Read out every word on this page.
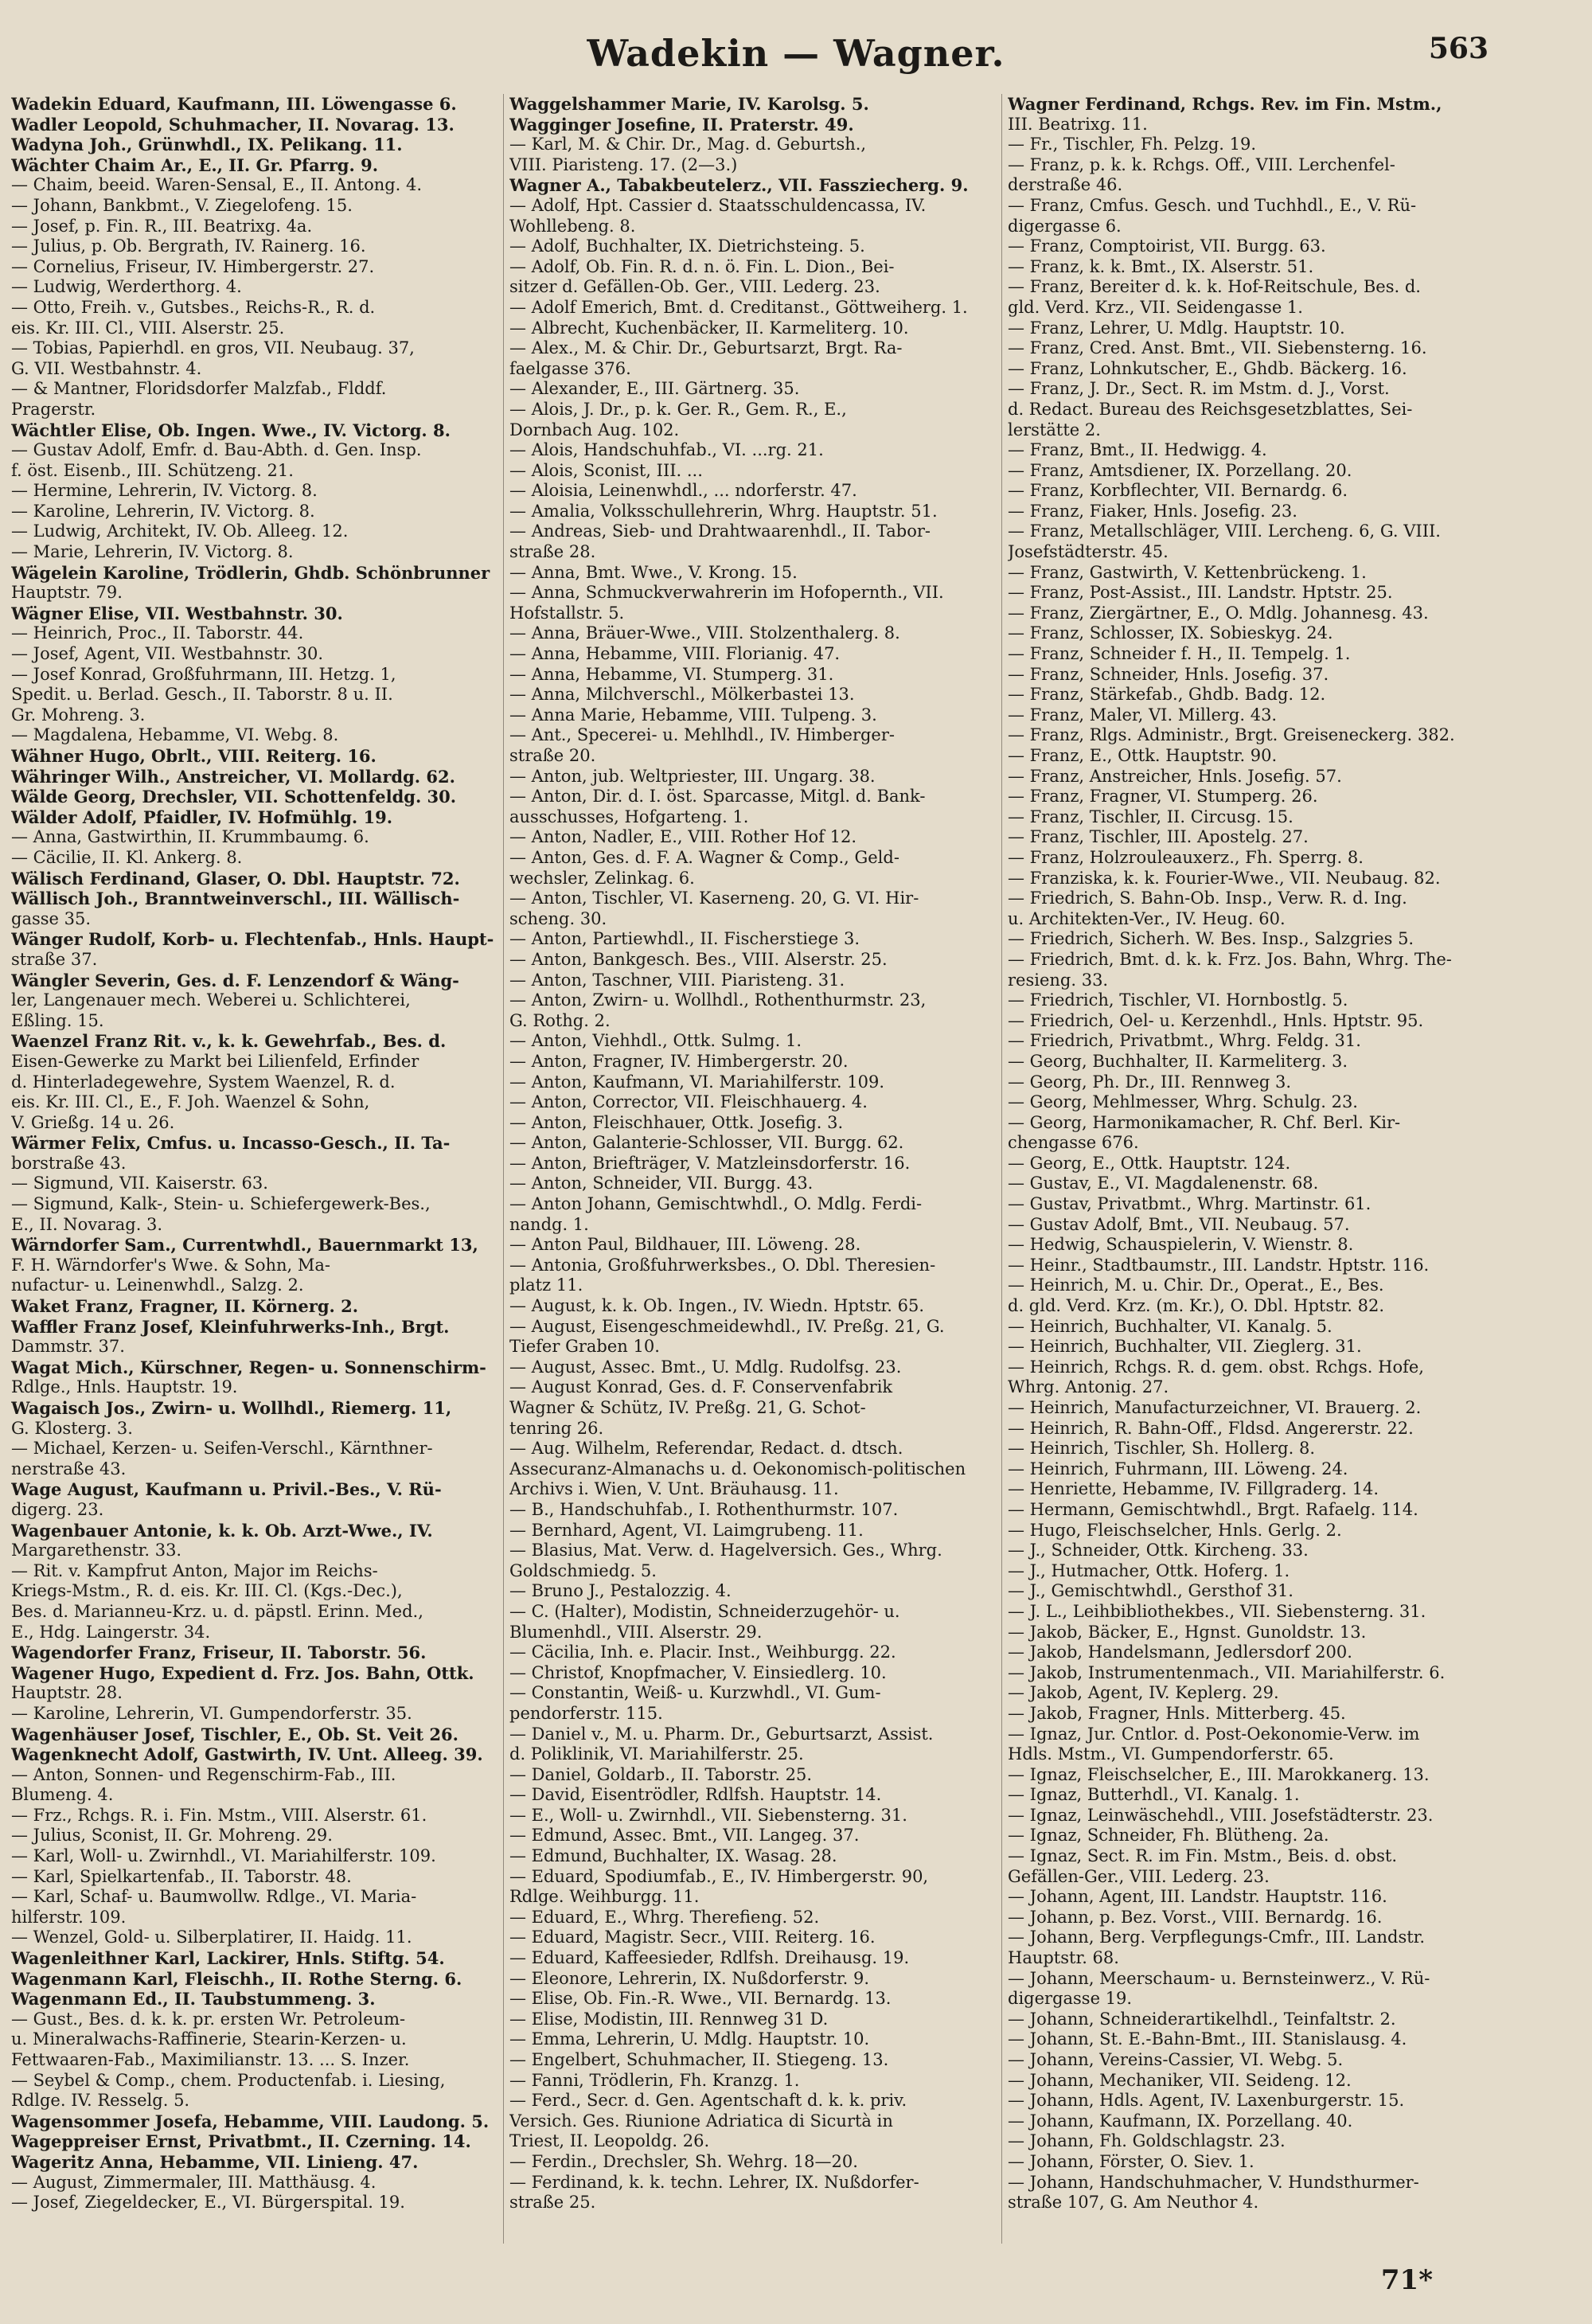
Wadekin — Wagner.	563
Wadekin Eduard, Kaufmann, III. Löwengasse 6.
Wadler Leopold, Schuhmacher, II. Novarag. 13.
Wadyna Joh., Grünwhdl., IX. Pelikang. 11.
Wächter Chaim Ar., E., II. Gr. Pfarrg. 9.
— Chaim, beeid. Waren-Sensal, E., II. Antong. 4.
— Johann, Bankbmt., V. Ziegelofeng. 15.
— Josef, p. Fin. R., III. Beatrixg. 4a.
— Julius, p. Ob. Bergrath, IV. Rainerg. 16.
— Cornelius, Friseur, IV. Himbergerstr. 27.
— Ludwig, Werderthorg. 4.
— Otto, Freih. v., Gutsbes., Reichs-R., R. d.
eis. Kr. III. Cl., VIII. Alserstr. 25.
— Tobias, Papierhdl. en gros, VII. Neubaug. 37,
G. VII. Westbahnstr. 4.
— & Mantner, Floridsdorfer Malzfab., Flddf.
Pragerstr.
Wächtler Elise, Ob. Ingen. Wwe., IV. Victorg. 8.
— Gustav Adolf, Emfr. d. Bau-Abth. d. Gen. Insp.
f. öst. Eisenb., III. Schützeng. 21.
— Hermine, Lehrerin, IV. Victorg. 8.
— Karoline, Lehrerin, IV. Victorg. 8.
— Ludwig, Architekt, IV. Ob. Alleeg. 12.
— Marie, Lehrerin, IV. Victorg. 8.
Wägelein Karoline, Trödlerin, Ghdb. Schönbrunner
Hauptstr. 79.
Wägner Elise, VII. Westbahnstr. 30.
— Heinrich, Proc., II. Taborstr. 44.
— Josef, Agent, VII. Westbahnstr. 30.
— Josef Konrad, Großfuhrmann, III. Hetzg. 1,
Spedit. u. Berlad. Gesch., II. Taborstr. 8 u. II.
Gr. Mohreng. 3.
— Magdalena, Hebamme, VI. Webg. 8.
Wähner Hugo, Obrlt., VIII. Reiterg. 16.
Währinger Wilh., Anstreicher, VI. Mollardg. 62.
Wälde Georg, Drechsler, VII. Schottenfeldg. 30.
Wälder Adolf, Pfaidler, IV. Hofmühlg. 19.
— Anna, Gastwirthin, II. Krummbaumg. 6.
— Cäcilie, II. Kl. Ankerg. 8.
Wälisch Ferdinand, Glaser, O. Dbl. Hauptstr. 72.
Wällisch Joh., Branntweinverschl., III. Wällisch-
gasse 35.
Wänger Rudolf, Korb- u. Flechtenfab., Hnls. Haupt-
straße 37.
Wängler Severin, Ges. d. F. Lenzendorf & Wäng-
ler, Langenauer mech. Weberei u. Schlichterei,
Eßling. 15.
Waenzel Franz Rit. v., k. k. Gewehrfab., Bes. d.
Eisen-Gewerke zu Markt bei Lilienfeld, Erfinder
d. Hinterladegewehre, System Waenzel, R. d.
eis. Kr. III. Cl., E., F. Joh. Waenzel & Sohn,
V. Grießg. 14 u. 26.
Wärmer Felix, Cmfus. u. Incasso-Gesch., II. Ta-
borstraße 43.
— Sigmund, VII. Kaiserstr. 63.
— Sigmund, Kalk-, Stein- u. Schiefergewerk-Bes.,
E., II. Novarag. 3.
Wärndorfer Sam., Currentwhdl., Bauernmarkt 13,
F. H. Wärndorfer's Wwe. & Sohn, Ma-
nufactur- u. Leinenwhdl., Salzg. 2.
Waket Franz, Fragner, II. Körnerg. 2.
Waffler Franz Josef, Kleinfuhrwerks-Inh., Brgt.
Dammstr. 37.
Wagat Mich., Kürschner, Regen- u. Sonnenschirm-
Rdlge., Hnls. Hauptstr. 19.
Wagaisch Jos., Zwirn- u. Wollhdl., Riemerg. 11,
G. Klosterg. 3.
— Michael, Kerzen- u. Seifen-Verschl., Kärnthner-
nerstraße 43.
Wage August, Kaufmann u. Privil.-Bes., V. Rü-
digerg. 23.
Wagenbauer Antonie, k. k. Ob. Arzt-Wwe., IV.
Margarethenstr. 33.
— Rit. v. Kampfrut Anton, Major im Reichs-
Kriegs-Mstm., R. d. eis. Kr. III. Cl. (Kgs.-Dec.),
Bes. d. Marianneu-Krz. u. d. päpstl. Erinn. Med.,
E., Hdg. Laingerstr. 34.
Wagendorfer Franz, Friseur, II. Taborstr. 56.
Wagener Hugo, Expedient d. Frz. Jos. Bahn, Ottk.
Hauptstr. 28.
— Karoline, Lehrerin, VI. Gumpendorferstr. 35.
Wagenhäuser Josef, Tischler, E., Ob. St. Veit 26.
Wagenknecht Adolf, Gastwirth, IV. Unt. Alleeg. 39.
— Anton, Sonnen- und Regenschirm-Fab., III.
Blumeng. 4.
— Frz., Rchgs. R. i. Fin. Mstm., VIII. Alserstr. 61.
— Julius, Sconist, II. Gr. Mohreng. 29.
— Karl, Woll- u. Zwirnhdl., VI. Mariahilferstr. 109.
— Karl, Spielkartenfab., II. Taborstr. 48.
— Karl, Schaf- u. Baumwollw. Rdlge., VI. Maria-
hilferstr. 109.
— Wenzel, Gold- u. Silberplatirer, II. Haidg. 11.
Wagenleithner Karl, Lackirer, Hnls. Stiftg. 54.
Wagenmann Karl, Fleischh., II. Rothe Sterng. 6.
Wagenmann Ed., II. Taubstummeng. 3.
— Gust., Bes. d. k. k. pr. ersten Wr. Petroleum-
u. Mineralwachs-Raffinerie, Stearin-Kerzen- u.
Fettwaaren-Fab., Maximilianstr. 13. ... S. Inzer.
— Seybel & Comp., chem. Productenfab. i. Liesing,
Rdlge. IV. Resselg. 5.
Wagensommer Josefa, Hebamme, VIII. Laudong. 5.
Wageppreiser Ernst, Privatbmt., II. Czerning. 14.
Wageritz Anna, Hebamme, VII. Linieng. 47.
— August, Zimmermaler, III. Matthäusg. 4.
— Josef, Ziegeldecker, E., VI. Bürgerspital. 19.
Waggelshammer Marie, IV. Karolsg. 5.
Wagginger Josefine, II. Praterstr. 49.
— Karl, M. & Chir. Dr., Mag. d. Geburtsh.,
VIII. Piaristeng. 17. (2—3.)
Wagner A., Tabakbeutelerz., VII. Fassziecherg. 9.
— Adolf, Hpt. Cassier d. Staatsschuldencassa, IV.
Wohllebeng. 8.
— Adolf, Buchhalter, IX. Dietrichsteing. 5.
— Adolf, Ob. Fin. R. d. n. ö. Fin. L. Dion., Bei-
sitzer d. Gefällen-Ob. Ger., VIII. Lederg. 23.
— Adolf Emerich, Bmt. d. Creditanst., Göttweiherg. 1.
— Albrecht, Kuchenbäcker, II. Karmeliterg. 10.
— Alex., M. & Chir. Dr., Geburtsarzt, Brgt. Ra-
faelgasse 376.
— Alexander, E., III. Gärtnerg. 35.
— Alois, J. Dr., p. k. Ger. R., Gem. R., E.,
Dornbach Aug. 102.
— Alois, Handschuhfab., VI. ...rg. 21.
— Alois, Sconist, III. ...
— Aloisia, Leinenwhdl., ... ndorferstr. 47.
— Amalia, Volksschullehrerin, Whrg. Hauptstr. 51.
— Andreas, Sieb- und Drahtwaarenhdl., II. Tabor-
straße 28.
— Anna, Bmt. Wwe., V. Krong. 15.
— Anna, Schmuckverwahrerin im Hofopernth., VII.
Hofstallstr. 5.
— Anna, Bräuer-Wwe., VIII. Stolzenthalerg. 8.
— Anna, Hebamme, VIII. Florianig. 47.
— Anna, Hebamme, VI. Stumperg. 31.
— Anna, Milchverschl., Mölkerbastei 13.
— Anna Marie, Hebamme, VIII. Tulpeng. 3.
— Ant., Specerei- u. Mehlhdl., IV. Himberger-
straße 20.
— Anton, jub. Weltpriester, III. Ungarg. 38.
— Anton, Dir. d. I. öst. Sparcasse, Mitgl. d. Bank-
ausschusses, Hofgarteng. 1.
— Anton, Nadler, E., VIII. Rother Hof 12.
— Anton, Ges. d. F. A. Wagner & Comp., Geld-
wechsler, Zelinkag. 6.
— Anton, Tischler, VI. Kaserneng. 20, G. VI. Hir-
scheng. 30.
— Anton, Partiewhdl., II. Fischerstiege 3.
— Anton, Bankgesch. Bes., VIII. Alserstr. 25.
— Anton, Taschner, VIII. Piaristeng. 31.
— Anton, Zwirn- u. Wollhdl., Rothenthurmstr. 23,
G. Rothg. 2.
— Anton, Viehhdl., Ottk. Sulmg. 1.
— Anton, Fragner, IV. Himbergerstr. 20.
— Anton, Kaufmann, VI. Mariahilferstr. 109.
— Anton, Corrector, VII. Fleischhauerg. 4.
— Anton, Fleischhauer, Ottk. Josefig. 3.
— Anton, Galanterie-Schlosser, VII. Burgg. 62.
— Anton, Briefträger, V. Matzleinsdorferstr. 16.
— Anton, Schneider, VII. Burgg. 43.
— Anton Johann, Gemischtwhdl., O. Mdlg. Ferdi-
nandg. 1.
— Anton Paul, Bildhauer, III. Löweng. 28.
— Antonia, Großfuhrwerksbes., O. Dbl. Theresien-
platz 11.
— August, k. k. Ob. Ingen., IV. Wiedn. Hptstr. 65.
— August, Eisengeschmeidewhdl., IV. Preßg. 21, G.
Tiefer Graben 10.
— August, Assec. Bmt., U. Mdlg. Rudolfsg. 23.
— August Konrad, Ges. d. F. Conservenfabrik
Wagner & Schütz, IV. Preßg. 21, G. Schot-
tenring 26.
— Aug. Wilhelm, Referendar, Redact. d. dtsch.
Assecuranz-Almanachs u. d. Oekonomisch-politischen
Archivs i. Wien, V. Unt. Bräuhausg. 11.
— B., Handschuhfab., I. Rothenthurmstr. 107.
— Bernhard, Agent, VI. Laimgrubeng. 11.
— Blasius, Mat. Verw. d. Hagelversich. Ges., Whrg.
Goldschmiedg. 5.
— Bruno J., Pestalozzig. 4.
— C. (Halter), Modistin, Schneiderzugehör- u.
Blumenhdl., VIII. Alserstr. 29.
— Cäcilia, Inh. e. Placir. Inst., Weihburgg. 22.
— Christof, Knopfmacher, V. Einsiedlerg. 10.
— Constantin, Weiß- u. Kurzwhdl., VI. Gum-
pendorferstr. 115.
— Daniel v., M. u. Pharm. Dr., Geburtsarzt, Assist.
d. Poliklinik, VI. Mariahilferstr. 25.
— Daniel, Goldarb., II. Taborstr. 25.
— David, Eisentrödler, Rdlfsh. Hauptstr. 14.
— E., Woll- u. Zwirnhdl., VII. Siebensterng. 31.
— Edmund, Assec. Bmt., VII. Langeg. 37.
— Edmund, Buchhalter, IX. Wasag. 28.
— Eduard, Spodiumfab., E., IV. Himbergerstr. 90,
Rdlge. Weihburgg. 11.
— Eduard, E., Whrg. Therefieng. 52.
— Eduard, Magistr. Secr., VIII. Reiterg. 16.
— Eduard, Kaffeesieder, Rdlfsh. Dreihausg. 19.
— Eleonore, Lehrerin, IX. Nußdorferstr. 9.
— Elise, Ob. Fin.-R. Wwe., VII. Bernardg. 13.
— Elise, Modistin, III. Rennweg 31 D.
— Emma, Lehrerin, U. Mdlg. Hauptstr. 10.
— Engelbert, Schuhmacher, II. Stiegeng. 13.
— Fanni, Trödlerin, Fh. Kranzg. 1.
— Ferd., Secr. d. Gen. Agentschaft d. k. k. priv.
Versich. Ges. Riunione Adriatica di Sicurtà in
Triest, II. Leopoldg. 26.
— Ferdin., Drechsler, Sh. Wehrg. 18—20.
— Ferdinand, k. k. techn. Lehrer, IX. Nußdorfer-
straße 25.
Wagner Ferdinand, Rchgs. Rev. im Fin. Mstm.,
III. Beatrixg. 11.
— Fr., Tischler, Fh. Pelzg. 19.
— Franz, p. k. k. Rchgs. Off., VIII. Lerchenfel-
derstraße 46.
— Franz, Cmfus. Gesch. und Tuchhdl., E., V. Rü-
digergasse 6.
— Franz, Comptoirist, VII. Burgg. 63.
— Franz, k. k. Bmt., IX. Alserstr. 51.
— Franz, Bereiter d. k. k. Hof-Reitschule, Bes. d.
gld. Verd. Krz., VII. Seidengasse 1.
— Franz, Lehrer, U. Mdlg. Hauptstr. 10.
— Franz, Cred. Anst. Bmt., VII. Siebensterng. 16.
— Franz, Lohnkutscher, E., Ghdb. Bäckerg. 16.
— Franz, J. Dr., Sect. R. im Mstm. d. J., Vorst.
d. Redact. Bureau des Reichsgesetzblattes, Sei-
lerstätte 2.
— Franz, Bmt., II. Hedwigg. 4.
— Franz, Amtsdiener, IX. Porzellang. 20.
— Franz, Korbflechter, VII. Bernardg. 6.
— Franz, Fiaker, Hnls. Josefig. 23.
— Franz, Metallschläger, VIII. Lercheng. 6, G. VIII.
Josefstädterstr. 45.
— Franz, Gastwirth, V. Kettenbrückeng. 1.
— Franz, Post-Assist., III. Landstr. Hptstr. 25.
— Franz, Ziergärtner, E., O. Mdlg. Johannesg. 43.
— Franz, Schlosser, IX. Sobieskyg. 24.
— Franz, Schneider f. H., II. Tempelg. 1.
— Franz, Schneider, Hnls. Josefig. 37.
— Franz, Stärkefab., Ghdb. Badg. 12.
— Franz, Maler, VI. Millerg. 43.
— Franz, Rlgs. Administr., Brgt. Greiseneckerg. 382.
— Franz, E., Ottk. Hauptstr. 90.
— Franz, Anstreicher, Hnls. Josefig. 57.
— Franz, Fragner, VI. Stumperg. 26.
— Franz, Tischler, II. Circusg. 15.
— Franz, Tischler, III. Apostelg. 27.
— Franz, Holzrouleauxerz., Fh. Sperrg. 8.
— Franziska, k. k. Fourier-Wwe., VII. Neubaug. 82.
— Friedrich, S. Bahn-Ob. Insp., Verw. R. d. Ing.
u. Architekten-Ver., IV. Heug. 60.
— Friedrich, Sicherh. W. Bes. Insp., Salzgries 5.
— Friedrich, Bmt. d. k. k. Frz. Jos. Bahn, Whrg. The-
resieng. 33.
— Friedrich, Tischler, VI. Hornbostlg. 5.
— Friedrich, Oel- u. Kerzenhdl., Hnls. Hptstr. 95.
— Friedrich, Privatbmt., Whrg. Feldg. 31.
— Georg, Buchhalter, II. Karmeliterg. 3.
— Georg, Ph. Dr., III. Rennweg 3.
— Georg, Mehlmesser, Whrg. Schulg. 23.
— Georg, Harmonikamacher, R. Chf. Berl. Kir-
chengasse 676.
— Georg, E., Ottk. Hauptstr. 124.
— Gustav, E., VI. Magdalenenstr. 68.
— Gustav, Privatbmt., Whrg. Martinstr. 61.
— Gustav Adolf, Bmt., VII. Neubaug. 57.
— Hedwig, Schauspielerin, V. Wienstr. 8.
— Heinr., Stadtbaumstr., III. Landstr. Hptstr. 116.
— Heinrich, M. u. Chir. Dr., Operat., E., Bes.
d. gld. Verd. Krz. (m. Kr.), O. Dbl. Hptstr. 82.
— Heinrich, Buchhalter, VI. Kanalg. 5.
— Heinrich, Buchhalter, VII. Zieglerg. 31.
— Heinrich, Rchgs. R. d. gem. obst. Rchgs. Hofe,
Whrg. Antonig. 27.
— Heinrich, Manufacturzeichner, VI. Brauerg. 2.
— Heinrich, R. Bahn-Off., Fldsd. Angererstr. 22.
— Heinrich, Tischler, Sh. Hollerg. 8.
— Heinrich, Fuhrmann, III. Löweng. 24.
— Henriette, Hebamme, IV. Fillgraderg. 14.
— Hermann, Gemischtwhdl., Brgt. Rafaelg. 114.
— Hugo, Fleischselcher, Hnls. Gerlg. 2.
— J., Schneider, Ottk. Kircheng. 33.
— J., Hutmacher, Ottk. Hoferg. 1.
— J., Gemischtwhdl., Gersthof 31.
— J. L., Leihbibliothekbes., VII. Siebensterng. 31.
— Jakob, Bäcker, E., Hgnst. Gunoldstr. 13.
— Jakob, Handelsmann, Jedlersdorf 200.
— Jakob, Instrumentenmach., VII. Mariahilferstr. 6.
— Jakob, Agent, IV. Keplerg. 29.
— Jakob, Fragner, Hnls. Mitterberg. 45.
— Ignaz, Jur. Cntlor. d. Post-Oekonomie-Verw. im
Hdls. Mstm., VI. Gumpendorferstr. 65.
— Ignaz, Fleischselcher, E., III. Marokkanerg. 13.
— Ignaz, Butterhdl., VI. Kanalg. 1.
— Ignaz, Leinwäschehdl., VIII. Josefstädterstr. 23.
— Ignaz, Schneider, Fh. Blütheng. 2a.
— Ignaz, Sect. R. im Fin. Mstm., Beis. d. obst.
Gefällen-Ger., VIII. Lederg. 23.
— Johann, Agent, III. Landstr. Hauptstr. 116.
— Johann, p. Bez. Vorst., VIII. Bernardg. 16.
— Johann, Berg. Verpflegungs-Cmfr., III. Landstr.
Hauptstr. 68.
— Johann, Meerschaum- u. Bernsteinwerz., V. Rü-
digergasse 19.
— Johann, Schneiderartikelhdl., Teinfaltstr. 2.
— Johann, St. E.-Bahn-Bmt., III. Stanislausg. 4.
— Johann, Vereins-Cassier, VI. Webg. 5.
— Johann, Mechaniker, VII. Seideng. 12.
— Johann, Hdls. Agent, IV. Laxenburgerstr. 15.
— Johann, Kaufmann, IX. Porzellang. 40.
— Johann, Fh. Goldschlagstr. 23.
— Johann, Förster, O. Siev. 1.
— Johann, Handschuhmacher, V. Hundsthurmer-
straße 107, G. Am Neuthor 4.
71*
